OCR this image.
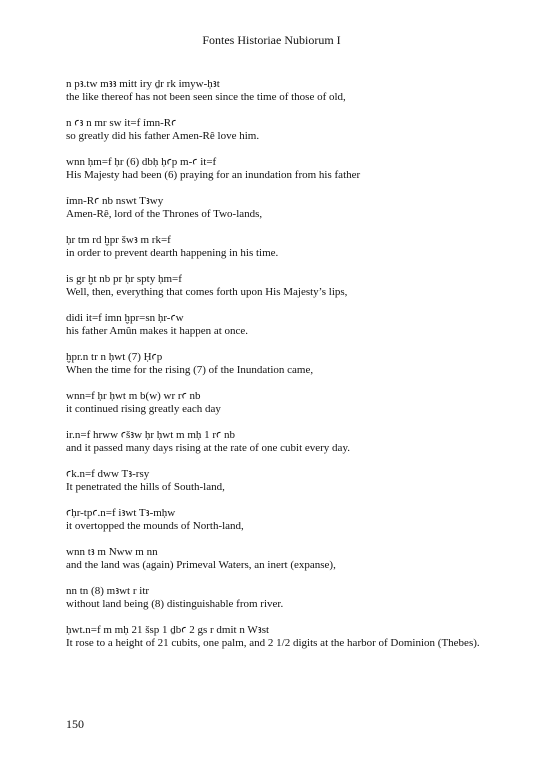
Fontes Historiae Nubiorum I
n pꜣ.tw mꜣꜣ mitt iry ḏr rk imyw-ḥꜣt
the like thereof has not been seen since the time of those of old,
n ꜥꜣ n mr sw it=f ỉmn-Rꜥ
so greatly did his father Amen-Rê love him.
wnn ḥm=f ḥr (6) dbḥ ḥꜥp m-ꜥ it=f
His Majesty had been (6) praying for an inundation from his father
ỉmn-Rꜥ nb nswt Tꜣwy
Amen-Rê, lord of the Thrones of Two-lands,
ḥr tm rd ḫpr šwꜣ m rk=f
in order to prevent dearth happening in his time.
is gr ḫt nb pr ḥr spty ḥm=f
Well, then, everything that comes forth upon His Majesty’s lips,
didi it=f ỉmn ḫpr=sn ḥr-ꜥw
his father Amûn makes it happen at once.
ḫpr.n tr n ḥwt (7) Ḥꜥp
When the time for the rising (7) of the Inundation came,
wnn=f ḥr ḥwt m b(w) wr rꜥ nb
it continued rising greatly each day
ir.n=f hrww ꜥšꜣw ḥr ḥwt m mḥ 1 rꜥ nb
and it passed many days rising at the rate of one cubit every day.
ꜥk.n=f dww Tꜣ-rsy
It penetrated the hills of South-land,
ꜥḥr-tpꜥ.n=f iꜣwt Tꜣ-mḥw
it overtopped the mounds of North-land,
wnn tꜣ m Nww m nn
and the land was (again) Primeval Waters, an inert (expanse),
nn tn (8) mꜣwt r itr
without land being (8) distinguishable from river.
ḥwt.n=f m mḥ 21 šsp 1 ḏbꜥ 2 gs r dmit n Wꜣst
It rose to a height of 21 cubits, one palm, and 2 1/2 digits at the harbor of Dominion (Thebes).
150
